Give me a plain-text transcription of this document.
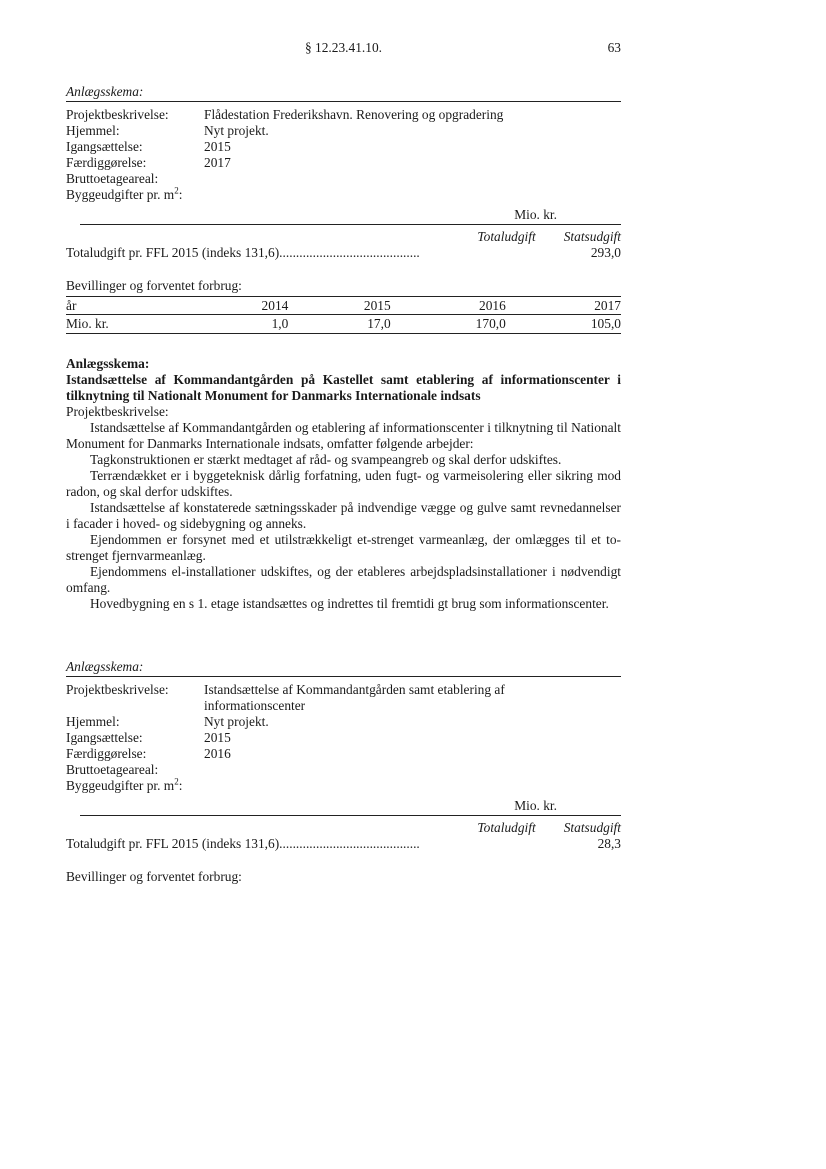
§ 12.23.41.10.	63
Anlægsskema:
Projektbeskrivelse:	Flådestation Frederikshavn. Renovering og opgradering
Hjemmel:	Nyt projekt.
Igangsættelse:	2015
Færdiggørelse:	2017
Bruttoetageareal:
Byggeudgifter pr. $m^2$:
Mio. kr.
Totaludgift Statsudgift
Totaludgift pr. FFL 2015 (indeks 131,6)..........................................	293,0
Bevillinger og forventet forbrug:
år	2014	2015	2016	2017

Mio. kr.	1,0	17,0	170,0	105,0
Anlægsskema:
Istandsættelse af Kommandantgården på Kastellet samt etablering af informationscenter i tilknytning til Nationalt Monument for Danmarks Internationale indsats
Projektbeskrivelse:

Istandsættelse af Kommandantgården og etablering af informationscenter i tilknytning til Nationalt Monument for Danmarks Internationale indsats, omfatter følgende arbejder:

Tagkonstruktionen er stærkt medtaget af råd- og svampeangreb og skal derfor udskiftes.

Terrændækket er i byggeteknisk dårlig forfatning, uden fugt- og varmeisolering eller sikring mod radon, og skal derfor udskiftes.

Istandsættelse af konstaterede sætningsskader på indvendige vægge og gulve samt revnedannelser i facader i hoved- og sidebygning og anneks.

Ejendommen er forsynet med et utilstrækkeligt et-strenget varmeanlæg, der omlægges til et to-strenget fjernvarmeanlæg.

Ejendommens el-installationer udskiftes, og der etableres arbejdspladsinstallationer i nødvendigt omfang.

Hovedbygning en s 1. etage istandsættes og indrettes til fremtidi gt brug som informationscenter.

Anlægsskema:
Projektbeskrivelse:	Istandsættelse af Kommandantgården samt etablering af informationscenter
Hjemmel:	Nyt projekt.
Igangsættelse:	2015
Færdiggørelse:	2016
Bruttoetageareal:
Byggeudgifter pr. $m^2$:
Mio. kr.
Totaludgift Statsudgift
Totaludgift pr. FFL 2015 (indeks 131,6)..........................................	28,3
Bevillinger og forventet forbrug:
